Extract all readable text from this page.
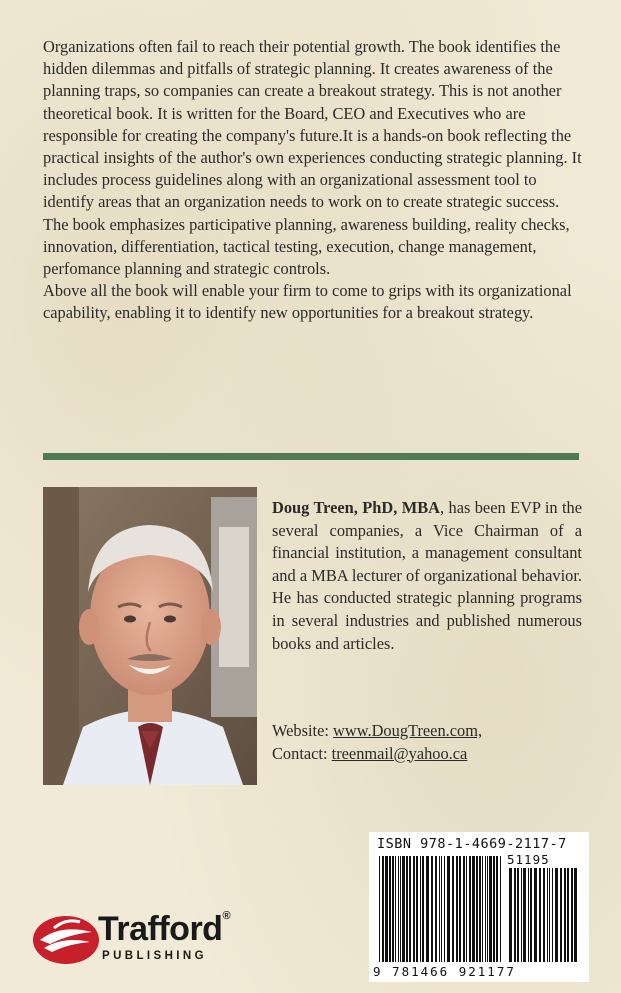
Organizations often fail to reach their potential growth. The book identifies the hidden dilemmas and pitfalls of strategic planning. It creates awareness of the planning traps, so companies can create a breakout strategy. This is not another theoretical book. It is written for the Board, CEO and Executives who are responsible for creating the company's future.It is a hands-on book reflecting the practical insights of the author's own experiences conducting strategic planning. It includes process guidelines along with an organizational assessment tool to identify areas that an organization needs to work on to create strategic success. The book emphasizes participative planning, awareness building, reality checks, innovation, differentiation, tactical testing, execution, change management, perfomance planning and strategic controls.

Above all the book will enable your firm to come to grips with its organizational capability, enabling it to identify new opportunities for a breakout strategy.

Doug Treen, PhD, MBA, has been EVP in the several companies, a Vice Chairman of a financial institution, a management consultant and a MBA lecturer of organizational behavior. He has conducted strategic planning programs in several industries and published numerous books and articles.

Website: www.DougTreen.com,
Contact: treenmail@yahoo.ca
ISBN 978-1-4669-2117-7
51195
9 781466 921177
Trafford®
PUBLISHING
